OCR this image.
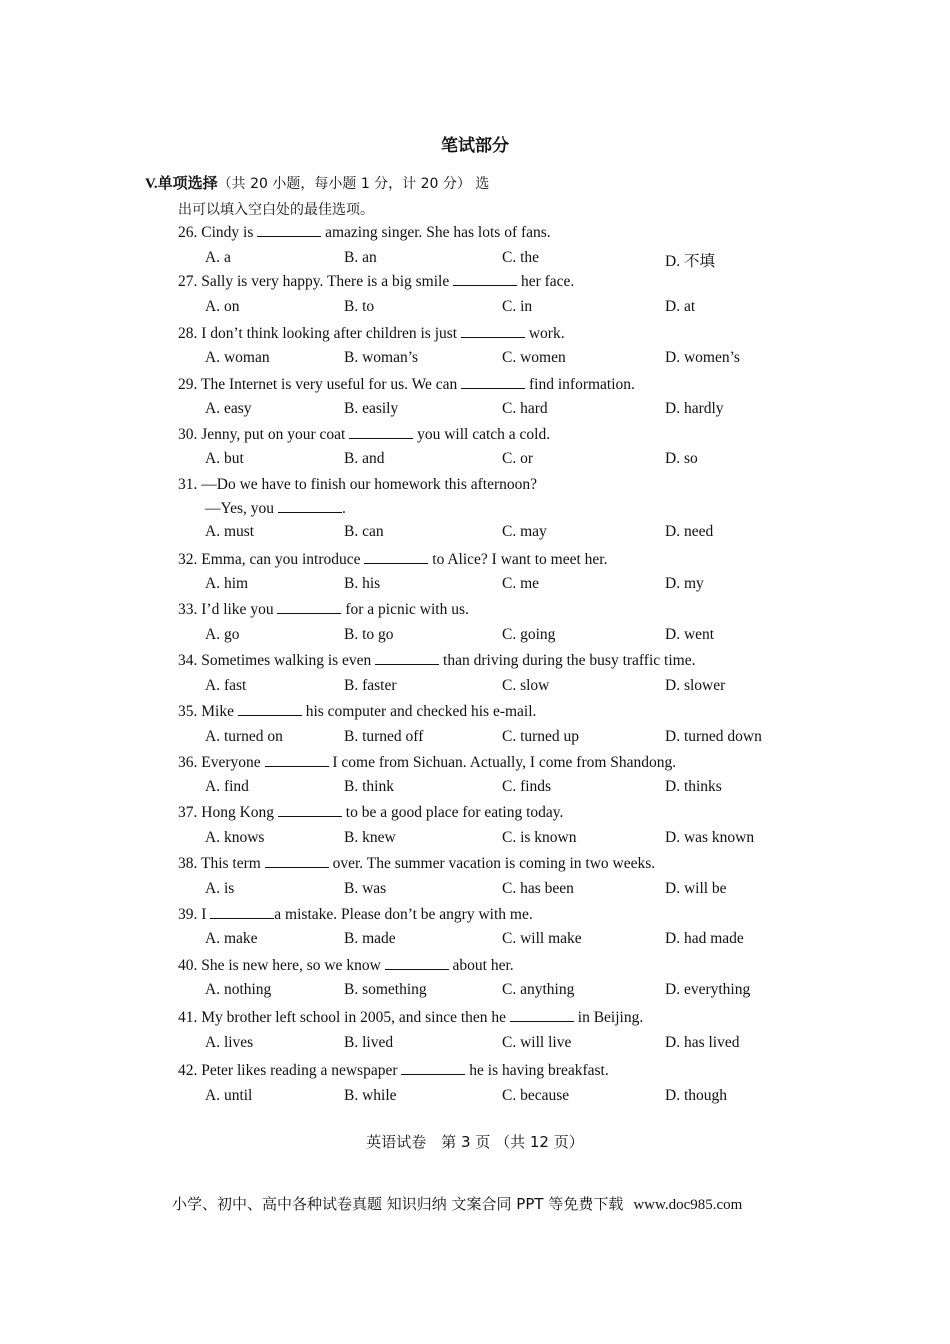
笔试部分
V.单项选择（共 20 小题，每小题 1 分，计 20 分） 选
出可以填入空白处的最佳选项。
26. Cindy is	amazing singer. She has lots of fans.
A. a	B. an	C. the	D. 不填
27. Sally is very happy. There is a big smile	her face.
A. on	B. to	C. in	D. at
28. I don’t think looking after children is just	work.
A. woman	B. woman’s	C. women	D. women’s
29. The Internet is very useful for us. We can	find information.
A. easy	B. easily	C. hard	D. hardly
30. Jenny, put on your coat	you will catch a cold.
A. but	B. and	C. or	D. so
31. —Do we have to finish our homework this afternoon?
—Yes, you	.
A. must	B. can	C. may	D. need
32. Emma, can you introduce	to Alice? I want to meet her.
A. him	B. his	C. me	D. my
33. I’d like you	for a picnic with us.
A. go	B. to go	C. going	D. went
34. Sometimes walking is even	than driving during the busy traffic time.
A. fast	B. faster	C. slow	D. slower
35. Mike	his computer and checked his e-mail.
A. turned on	B. turned off	C. turned up	D. turned down
36. Everyone	I come from Sichuan. Actually, I come from Shandong.
A. find	B. think	C. finds	D. thinks
37. Hong Kong	to be a good place for eating today.
A. knows	B. knew	C. is known	D. was known
38. This term	over. The summer vacation is coming in two weeks.
A. is	B. was	C. has been	D. will be
39. I	a mistake. Please don’t be angry with me.
A. make	B. made	C. will make	D. had made
40. She is new here, so we know	about her.
A. nothing	B. something	C. anything	D. everything
41. My brother left school in 2005, and since then he	in Beijing.
A. lives	B. lived	C. will live	D. has lived
42. Peter likes reading a newspaper	he is having breakfast.
A. until	B. while	C. because	D. though
英语试卷　第 3 页 （共 12 页）
小学、初中、高中各种试卷真题 知识归纳 文案合同 PPT 等免费下载 www.doc985.com
